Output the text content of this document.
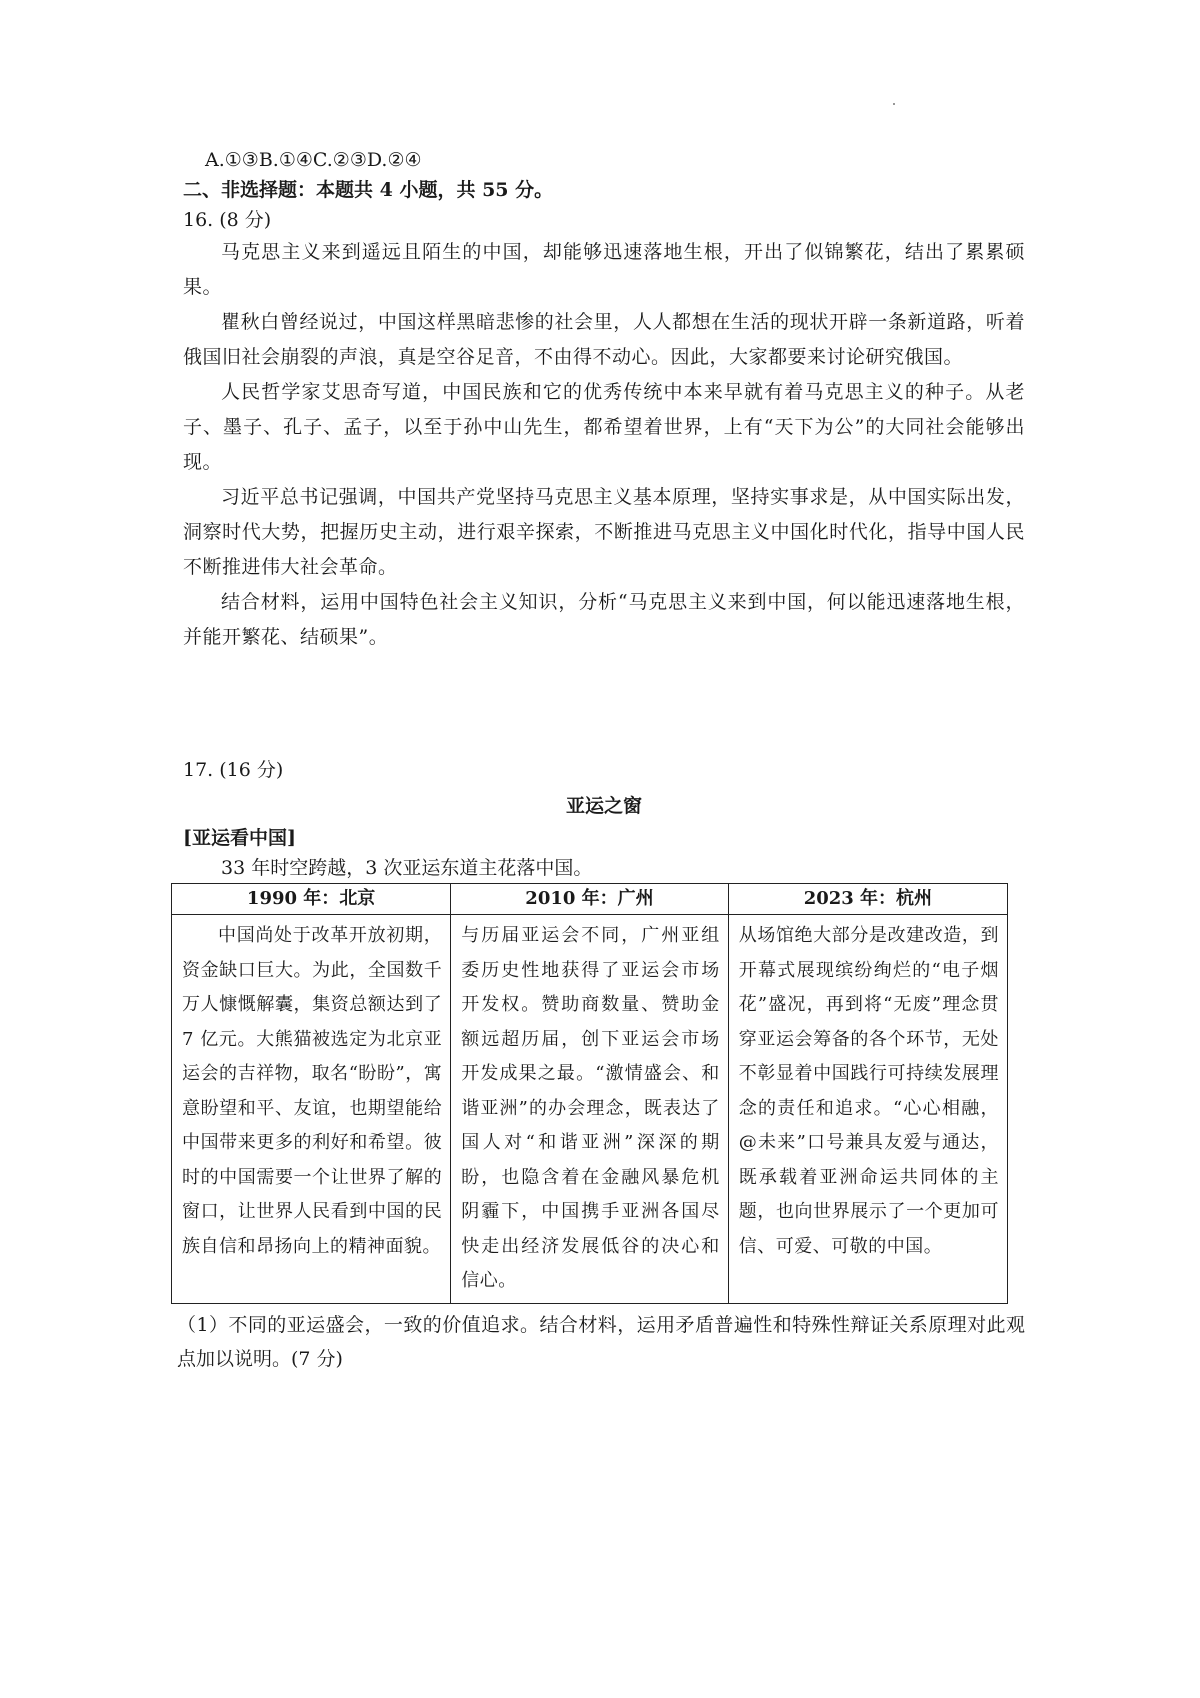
A.①③B.①④C.②③D.②④

二、非选择题：本题共 4 小题，共 55 分。

16. (8 分)

马克思主义来到遥远且陌生的中国，却能够迅速落地生根，开出了似锦繁花，结出了累累硕果。

瞿秋白曾经说过，中国这样黑暗悲惨的社会里，人人都想在生活的现状开辟一条新道路，听着俄国旧社会崩裂的声浪，真是空谷足音，不由得不动心。因此，大家都要来讨论研究俄国。

人民哲学家艾思奇写道，中国民族和它的优秀传统中本来早就有着马克思主义的种子。从老子、墨子、孔子、孟子，以至于孙中山先生，都希望着世界，上有“天下为公”的大同社会能够出现。

习近平总书记强调，中国共产党坚持马克思主义基本原理，坚持实事求是，从中国实际出发，洞察时代大势，把握历史主动，进行艰辛探索，不断推进马克思主义中国化时代化，指导中国人民不断推进伟大社会革命。

结合材料，运用中国特色社会主义知识，分析“马克思主义来到中国，何以能迅速落地生根，并能开繁花、结硕果”。

17. (16 分)

亚运之窗

[亚运看中国]

33 年时空跨越，3 次亚运东道主花落中国。

1990 年：北京	2010 年：广州	2023 年：杭州

中国尚处于改革开放初期，资金缺口巨大。为此，全国数千万人慷慨解囊，集资总额达到了 7 亿元。大熊猫被选定为北京亚运会的吉祥物，取名“盼盼”，寓意盼望和平、友谊，也期望能给中国带来更多的利好和希望。彼时的中国需要一个让世界了解的窗口，让世界人民看到中国的民族自信和昂扬向上的精神面貌。	与历届亚运会不同，广州亚组委历史性地获得了亚运会市场开发权。赞助商数量、赞助金额远超历届，创下亚运会市场开发成果之最。“激情盛会、和谐亚洲”的办会理念，既表达了国人对“和谐亚洲”深深的期盼，也隐含着在金融风暴危机阴霾下，中国携手亚洲各国尽快走出经济发展低谷的决心和信心。	从场馆绝大部分是改建改造，到开幕式展现缤纷绚烂的“电子烟花”盛况，再到将“无废”理念贯穿亚运会筹备的各个环节，无处不彰显着中国践行可持续发展理念的责任和追求。“心心相融，@未来”口号兼具友爱与通达，既承载着亚洲命运共同体的主题，也向世界展示了一个更加可信、可爱、可敬的中国。

（1）不同的亚运盛会，一致的价值追求。结合材料，运用矛盾普遍性和特殊性辩证关系原理对此观点加以说明。(7 分)
